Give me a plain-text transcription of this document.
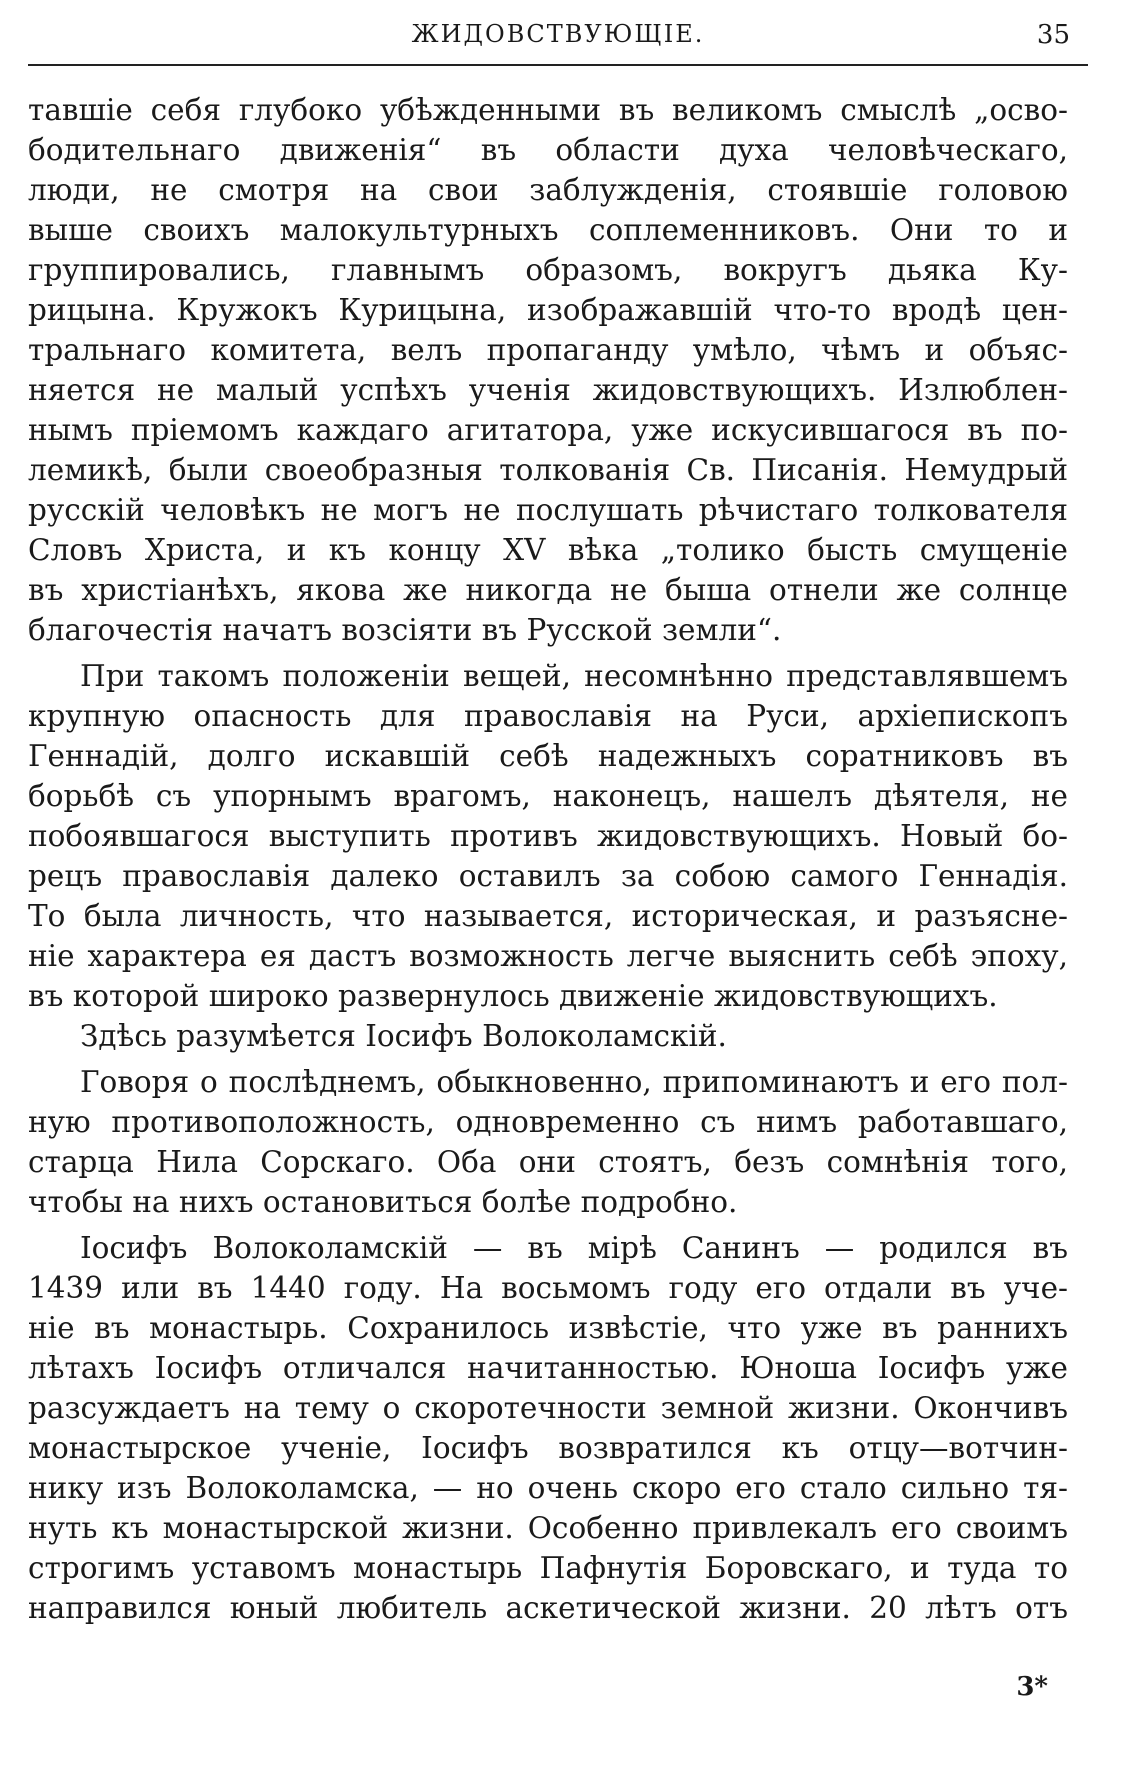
ЖИДОВСТВУЮЩІЕ.	35
тавшіе себя глубоко убѣжденными въ великомъ смыслѣ „осво-
бодительнаго движенія“ въ области духа человѣческаго,
люди, не смотря на свои заблужденія, стоявшіе головою
выше своихъ малокультурныхъ соплеменниковъ. Они то и
группировались, главнымъ образомъ, вокругъ дьяка Ку-
рицына. Кружокъ Курицына, изображавшій что-то вродѣ цен-
тральнаго комитета, велъ пропаганду умѣло, чѣмъ и объяс-
няется не малый успѣхъ ученія жидовствующихъ. Излюблен-
нымъ пріемомъ каждаго агитатора, уже искусившагося въ по-
лемикѣ, были своеобразныя толкованія Св. Писанія. Немудрый
русскій человѣкъ не могъ не послушать рѣчистаго толкователя
Словъ Христа, и къ концу XV вѣка „толико бысть смущеніе
въ христіанѣхъ, якова же никогда не быша отнели же солнце
благочестія начатъ возсіяти въ Русской земли“.
При такомъ положеніи вещей, несомнѣнно представлявшемъ
крупную опасность для православія на Руси, архіепископъ
Геннадій, долго искавшій себѣ надежныхъ соратниковъ въ
борьбѣ съ упорнымъ врагомъ, наконецъ, нашелъ дѣятеля, не
побоявшагося выступить противъ жидовствующихъ. Новый бо-
рецъ православія далеко оставилъ за собою самого Геннадія.
То была личность, что называется, историческая, и разъясне-
ніе характера ея дастъ возможность легче выяснить себѣ эпоху,
въ которой широко развернулось движеніе жидовствующихъ.
Здѣсь разумѣется Іосифъ Волоколамскій.
Говоря о послѣднемъ, обыкновенно, припоминаютъ и его пол-
ную противоположность, одновременно съ нимъ работавшаго,
старца Нила Сорскаго. Оба они стоятъ, безъ сомнѣнія того,
чтобы на нихъ остановиться болѣе подробно.
Іосифъ Волоколамскій — въ мірѣ Санинъ — родился въ
1439 или въ 1440 году. На восьмомъ году его отдали въ уче-
ніе въ монастырь. Сохранилось извѣстіе, что уже въ раннихъ
лѣтахъ Іосифъ отличался начитанностью. Юноша Іосифъ уже
разсуждаетъ на тему о скоротечности земной жизни. Окончивъ
монастырское ученіе, Іосифъ возвратился къ отцу—вотчин-
нику изъ Волоколамска, — но очень скоро его стало сильно тя-
нуть къ монастырской жизни. Особенно привлекалъ его своимъ
строгимъ уставомъ монастырь Пафнутія Боровскаго, и туда то
направился юный любитель аскетической жизни. 20 лѣтъ отъ
3*
